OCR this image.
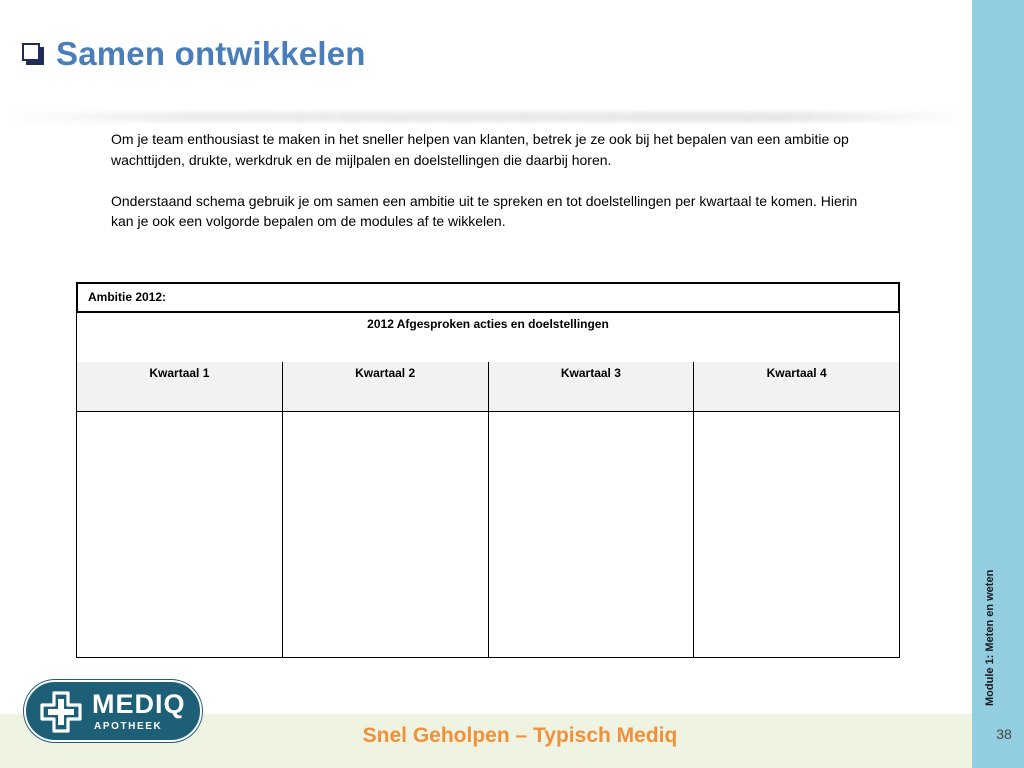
Module 1: Meten en weten
Samen ontwikkelen

Om je team enthousiast te maken in het sneller helpen van klanten, betrek je ze ook bij het bepalen van een ambitie op wachttijden, drukte, werkdruk en de mijlpalen en doelstellingen die daarbij horen.

Onderstaand schema gebruik je om samen een ambitie uit te spreken en tot doelstellingen per kwartaal te komen. Hierin kan je ook een volgorde bepalen om de modules af te wikkelen.

Ambitie 2012:
2012 Afgesproken acties en doelstellingen
Kwartaal 1	Kwartaal 2	Kwartaal 3	Kwartaal 4
Snel Geholpen – Typisch Mediq	38
MEDIQ
APOTHEEK
